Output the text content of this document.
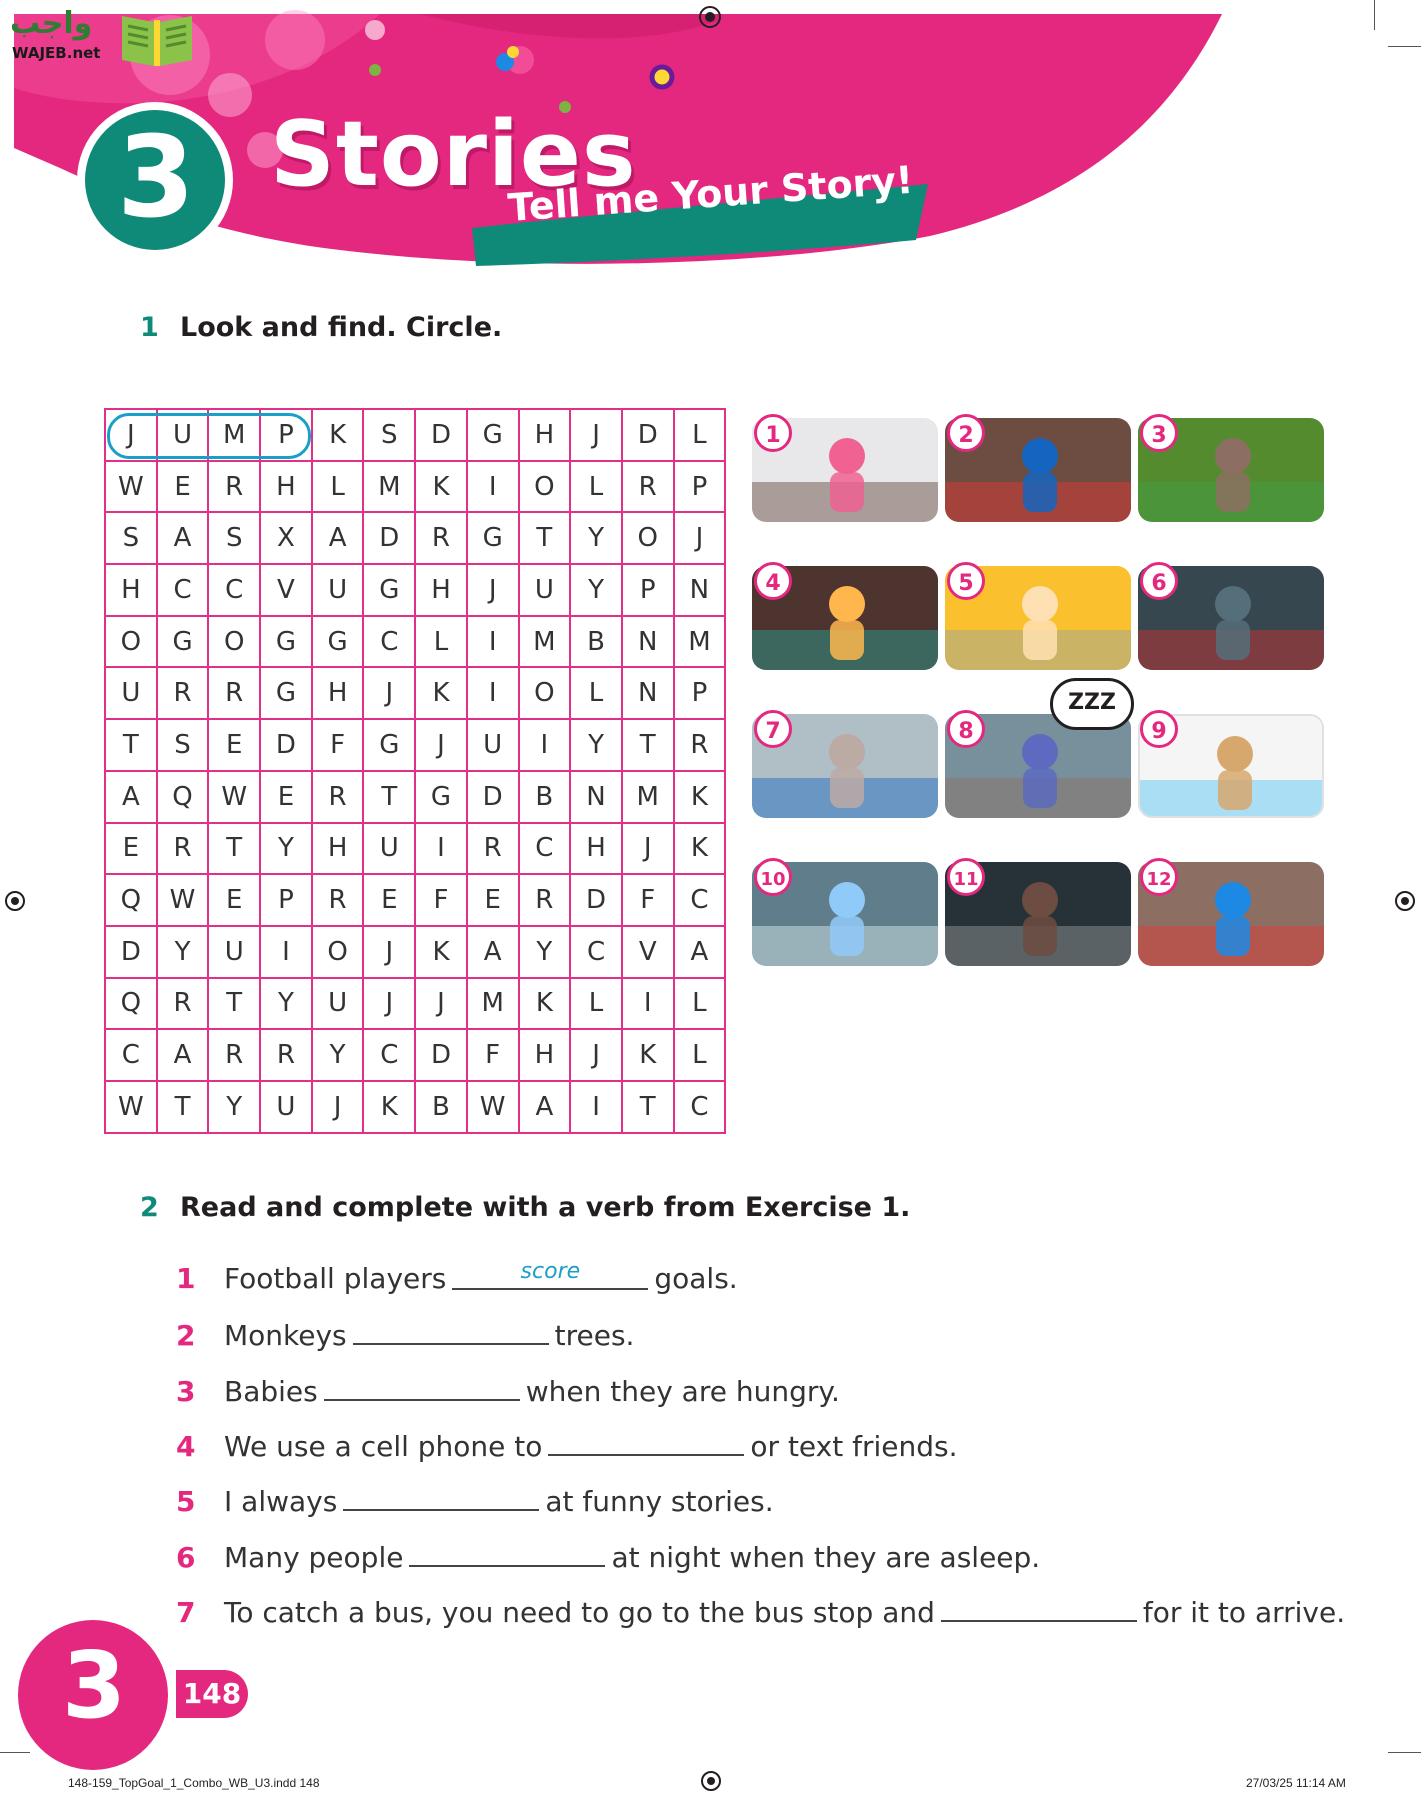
واجب
WAJEB.net
3 Stories
Tell me Your Story!
1 Look and find. Circle.
J	U	M	P	K	S	D	G	H	J	D	L
W	E	R	H	L	M	K	I	O	L	R	P
S	A	S	X	A	D	R	G	T	Y	O	J
H	C	C	V	U	G	H	J	U	Y	P	N
O	G	O	G	G	C	L	I	M	B	N	M
U	R	R	G	H	J	K	I	O	L	N	P
T	S	E	D	F	G	J	U	I	Y	T	R
A	Q	W	E	R	T	G	D	B	N	M	K
E	R	T	Y	H	U	I	R	C	H	J	K
Q	W	E	P	R	E	F	E	R	D	F	C
D	Y	U	I	O	J	K	A	Y	C	V	A
Q	R	T	Y	U	J	J	M	K	L	I	L
C	A	R	R	Y	C	D	F	H	J	K	L
W	T	Y	U	J	K	B	W	A	I	T	C
1	2	3
4	5	6
7	8	9
10	11	12
ZZZ
2 Read and complete with a verb from Exercise 1.
1 Football players	$^{score}$	goals.
2 Monkeys	trees.
3 Babies	when they are hungry.
4 We use a cell phone to	or text friends.
5 I always	at funny stories.
6 Many people	at night when they are asleep.
7 To catch a bus, you need to go to the bus stop and	for it to arrive.
3 148
148-159_TopGoal_1_Combo_WB_U3.indd 148	27/03/25 11:14 AM
